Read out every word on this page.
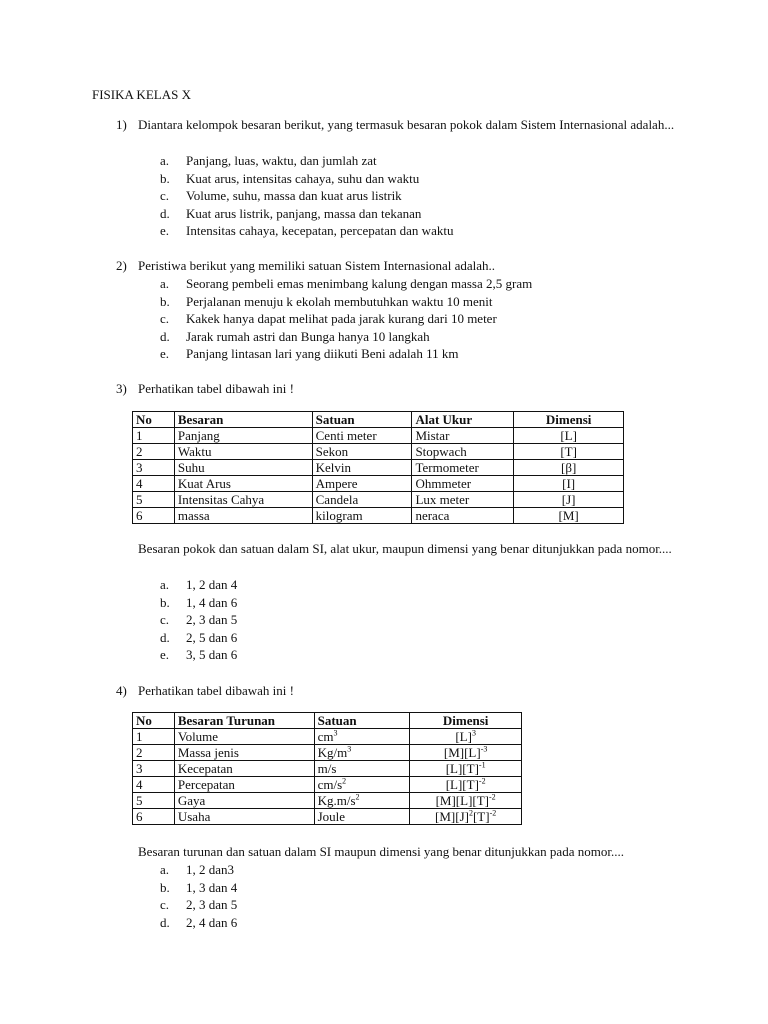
FISIKA KELAS X
1) Diantara kelompok besaran berikut, yang termasuk besaran pokok dalam Sistem Internasional adalah...
a. Panjang, luas, waktu, dan jumlah zat
b. Kuat arus, intensitas cahaya, suhu dan waktu
c. Volume, suhu, massa dan kuat arus listrik
d. Kuat arus listrik, panjang, massa dan tekanan
e. Intensitas cahaya, kecepatan, percepatan dan waktu
2) Peristiwa berikut yang memiliki satuan Sistem Internasional adalah..
a. Seorang pembeli emas menimbang kalung dengan massa 2,5 gram
b. Perjalanan menuju k ekolah membutuhkan waktu 10 menit
c. Kakek hanya dapat melihat pada jarak kurang dari 10 meter
d. Jarak rumah astri dan Bunga hanya 10 langkah
e. Panjang lintasan lari yang diikuti Beni adalah 11 km
3) Perhatikan tabel dibawah ini !
No	Besaran	Satuan	Alat Ukur	Dimensi
1	Panjang	Centi meter	Mistar	[L]
2	Waktu	Sekon	Stopwach	[T]
3	Suhu	Kelvin	Termometer	[β]
4	Kuat Arus	Ampere	Ohmmeter	[I]
5	Intensitas Cahya	Candela	Lux meter	[J]
6	massa	kilogram	neraca	[M]
Besaran pokok dan satuan dalam SI, alat ukur, maupun dimensi yang benar ditunjukkan pada nomor....
a. 1, 2 dan 4
b. 1, 4 dan 6
c. 2, 3 dan 5
d. 2, 5 dan 6
e. 3, 5 dan 6
4) Perhatikan tabel dibawah ini !
No	Besaran Turunan	Satuan	Dimensi
1	Volume	$cm^3$	$[L]^3$
2	Massa jenis	$Kg/m^3$	$[M][L]^{-3}$
3	Kecepatan	m/s	$[L][T]^{-1}$
4	Percepatan	$cm/s^2$	$[L][T]^{-2}$
5	Gaya	$Kg.m/s^2$	$[M][L][T]^{-2}$
6	Usaha	Joule	$[M][J]^2[T]^{-2}$
Besaran turunan dan satuan dalam SI maupun dimensi yang benar ditunjukkan pada nomor....
a. 1, 2 dan3
b. 1, 3 dan 4
c. 2, 3 dan 5
d. 2, 4 dan 6
